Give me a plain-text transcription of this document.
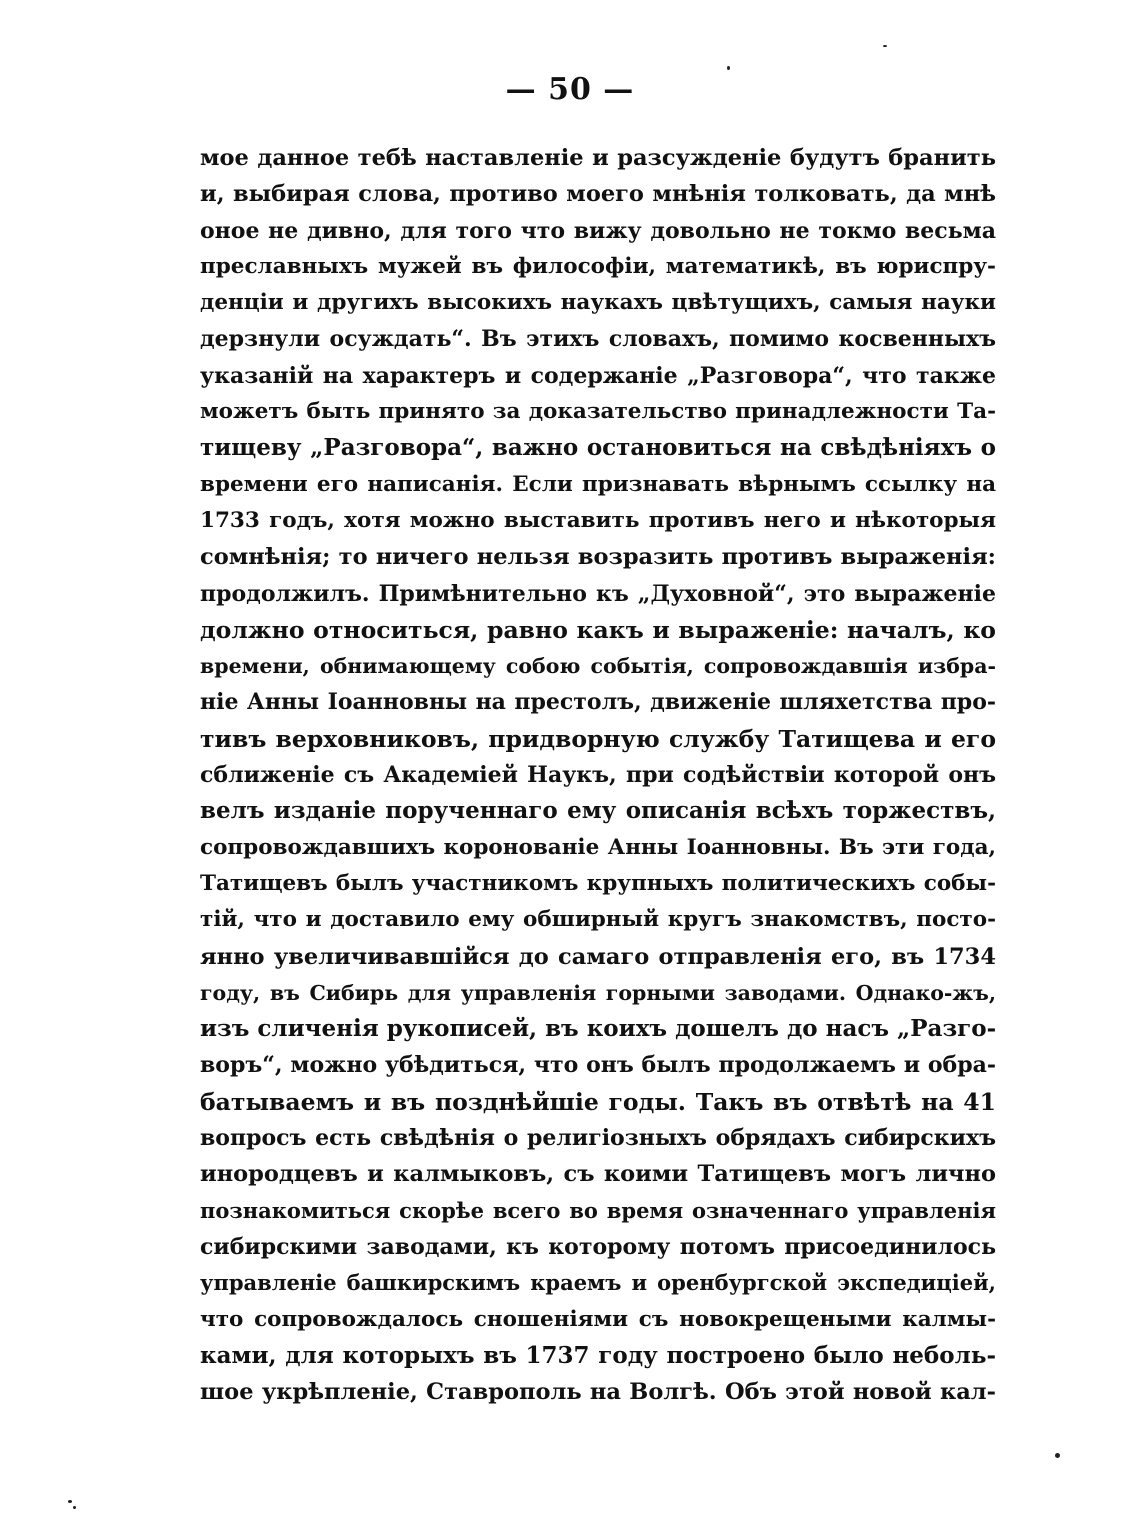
— 50 —
мое данное тебѣ наставленіе и разсужденіе будутъ бранить
и, выбирая слова, противо моего мнѣнія толковать, да мнѣ
оное не дивно, для того что вижу довольно не токмо весьма
преславныхъ мужей въ философіи, математикѣ, въ юриспру-
денціи и другихъ высокихъ наукахъ цвѣтущихъ, самыя науки
дерзнули осуждать“. Въ этихъ словахъ, помимо косвенныхъ
указаній на характеръ и содержаніе „Разговора“, что также
можетъ быть принято за доказательство принадлежности Та-
тищеву „Разговора“, важно остановиться на свѣдѣніяхъ о
времени его написанія. Если признавать вѣрнымъ ссылку на
1733 годъ, хотя можно выставить противъ него и нѣкоторыя
сомнѣнія; то ничего нельзя возразить противъ выраженія:
продолжилъ. Примѣнительно къ „Духовной“, это выраженіе
должно относиться, равно какъ и выраженіе: началъ, ко
времени, обнимающему собою событія, сопровождавшія избра-
ніе Анны Іоанновны на престолъ, движеніе шляхетства про-
тивъ верховниковъ, придворную службу Татищева и его
сближеніе съ Академіей Наукъ, при содѣйствіи которой онъ
велъ изданіе порученнаго ему описанія всѣхъ торжествъ,
сопровождавшихъ коронованіе Анны Іоанновны. Въ эти года,
Татищевъ былъ участникомъ крупныхъ политическихъ собы-
тій, что и доставило ему обширный кругъ знакомствъ, посто-
янно увеличивавшійся до самаго отправленія его, въ 1734
году, въ Сибирь для управленія горными заводами. Однако-жъ,
изъ сличенія рукописей, въ коихъ дошелъ до насъ „Разго-
воръ“, можно убѣдиться, что онъ былъ продолжаемъ и обра-
батываемъ и въ позднѣйшіе годы. Такъ въ отвѣтѣ на 41
вопросъ есть свѣдѣнія о религіозныхъ обрядахъ сибирскихъ
инородцевъ и калмыковъ, съ коими Татищевъ могъ лично
познакомиться скорѣе всего во время означеннаго управленія
сибирскими заводами, къ которому потомъ присоединилось
управленіе башкирскимъ краемъ и оренбургской экспедиціей,
что сопровождалось сношеніями съ новокрещеными калмы-
ками, для которыхъ въ 1737 году построено было неболь-
шое укрѣпленіе, Ставрополь на Волгѣ. Объ этой новой кал-
